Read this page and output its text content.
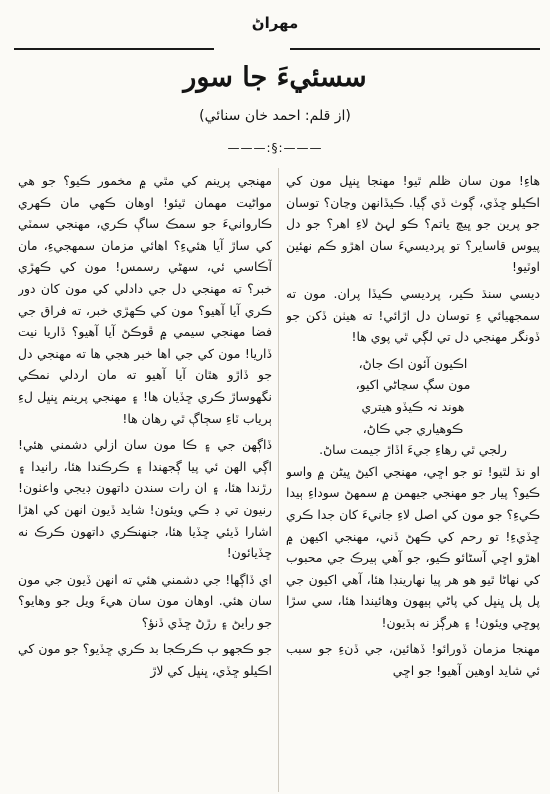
مھراڻ
سسئيءَ جا سور
(از قلم: احمد خان سنائي)
———:§:———

ھاءِ! مون سان ظلم ٿيو! مھنجا ڀنڀل مون کي اڪيلو ڇڏي، ڳوٺ ڏي ڳيا. ڪيڏانھن وڃان؟ توسان جو پرين جو ڀيچ ياتم؟ ڪو لہڻ لاءِ اھر؟ جو دل پيوس قاساير؟ تو پرديسيءَ سان اھڙو ڪم نھئين اوٽيو!

ديسي سنڌ ڪير، پرديسي ڪيڏا پران. مون ته سمجھيائي ءِ توسان دل اڙائي! ته هيٺن ڏکن جو ڏونگر مھنجي دل تي لڳي ٿي پوي ھا!

اڪيون آئون اڪ جاڻ،

مون سڳ سڃاڻي اکيو،

ھوند نہ ڪيڏو ھيتري

ڪوھياري جي ڪاڻ،

رلجي ٿي رھاءِ جيءَ اڏاڙ جيمت ساڻ.

او نڌ لٿيو! تو جو اڇي، مھنجي اکيڻ ڀيڻن ۾ واسو ڪيو؟ پيار جو مھنجي جيھمن ۾ سمهڻ سوداءِ ٻيدا ڪيءِ؟ جو مون کي اصل لاءِ جانيءَ کان جدا ڪري ڇڏيءِ! تو رحم کي ڪھڻ ڏني، مھنجي اکيھن ۾ اھڙو اڇي آسڻائو ڪيو، جو آھي ٻيرڪ جي محبوب کي نھاڻا ٿيو ھو ھر پيا نھارينڊا ھئا، آھي اکيون جي پل پل ڀنڀل کي پاڻي ٻيھون وھائيندا ھئا، سي سڙا پوڇي ويئون! ۽ ھرڳز نه ٻڌيون!

مھنجا مزمان ڏورائو! ڏھائين، جي ڏنءِ جو سبب ئي شايد اوھين آھيو! جو اڇي

مھنجي پرينم کي مٿي ۾ مخمور ڪيو؟ جو ھي مواڻيت مھمان ٿيئو! اوھان ڪھي مان ڪھري ڪاروانيءَ جو سمڪ ساڳ ڪري، مھنجي سمٽي کي ساڙ آيا ھئيءِ؟ اھائي مزمان سمهجيءِ، مان آڪاسي ئي، سھڻي رسمس! مون کي ڪھڙي خبر؟ ته مھنجي دل جي دادلي کي مون کان دور ڪري آيا آھيو؟ مون کي ڪھڙي خبر، ته فراق جي فضا مھنجي سيمي ۾ ڦوڪڻ آيا آھيو؟ ڏاريا نيت ڏاريا! مون کي جي اھا خبر ھجي ھا ته مھنجي دل جو ڏاڙو ھٿان آيا آھيو ته مان اردلي نمڪي نگھوساڙ ڪري ڇڏيان ھا! ۽ مھنجي پرينم ڀنڀل لءِ ٻرياب ٽاءِ سڄاڳ ٿي رھان ھا!

ڏاڳھن جي ۽ ڪا مون سان ازلي دشمني ھئي! اڳي الھن ئي پيا ڳجھندا ۽ ڪرڪندا ھئا، رانيدا ۽ رڙندا ھئا، ۽ ان رات سندن داتھون ڊيجي واعٺون! رنيون تي ڊ ڪي ويئون! شايد ڏيون انھن کي اھڙا اشارا ڏيئي ڇڏيا ھئا، جنھنڪري داتھون ڪرڪ نه ڇڏيائون!

اي ڏاڳھا! جي دشمني ھئي ته انھن ڏيون جي مون سان ھئي. اوھان مون سان ھيءَ ويل جو وھايو؟ جو رايڻ ۽ رڙڻ ڇڏي ڏنؤ؟

جو ڪجھو ٻ ڪرڪجا بد ڪري ڇڏيو؟ جو مون کي اڪيلو ڇڏي، ڀنڀل کي لاڙ
